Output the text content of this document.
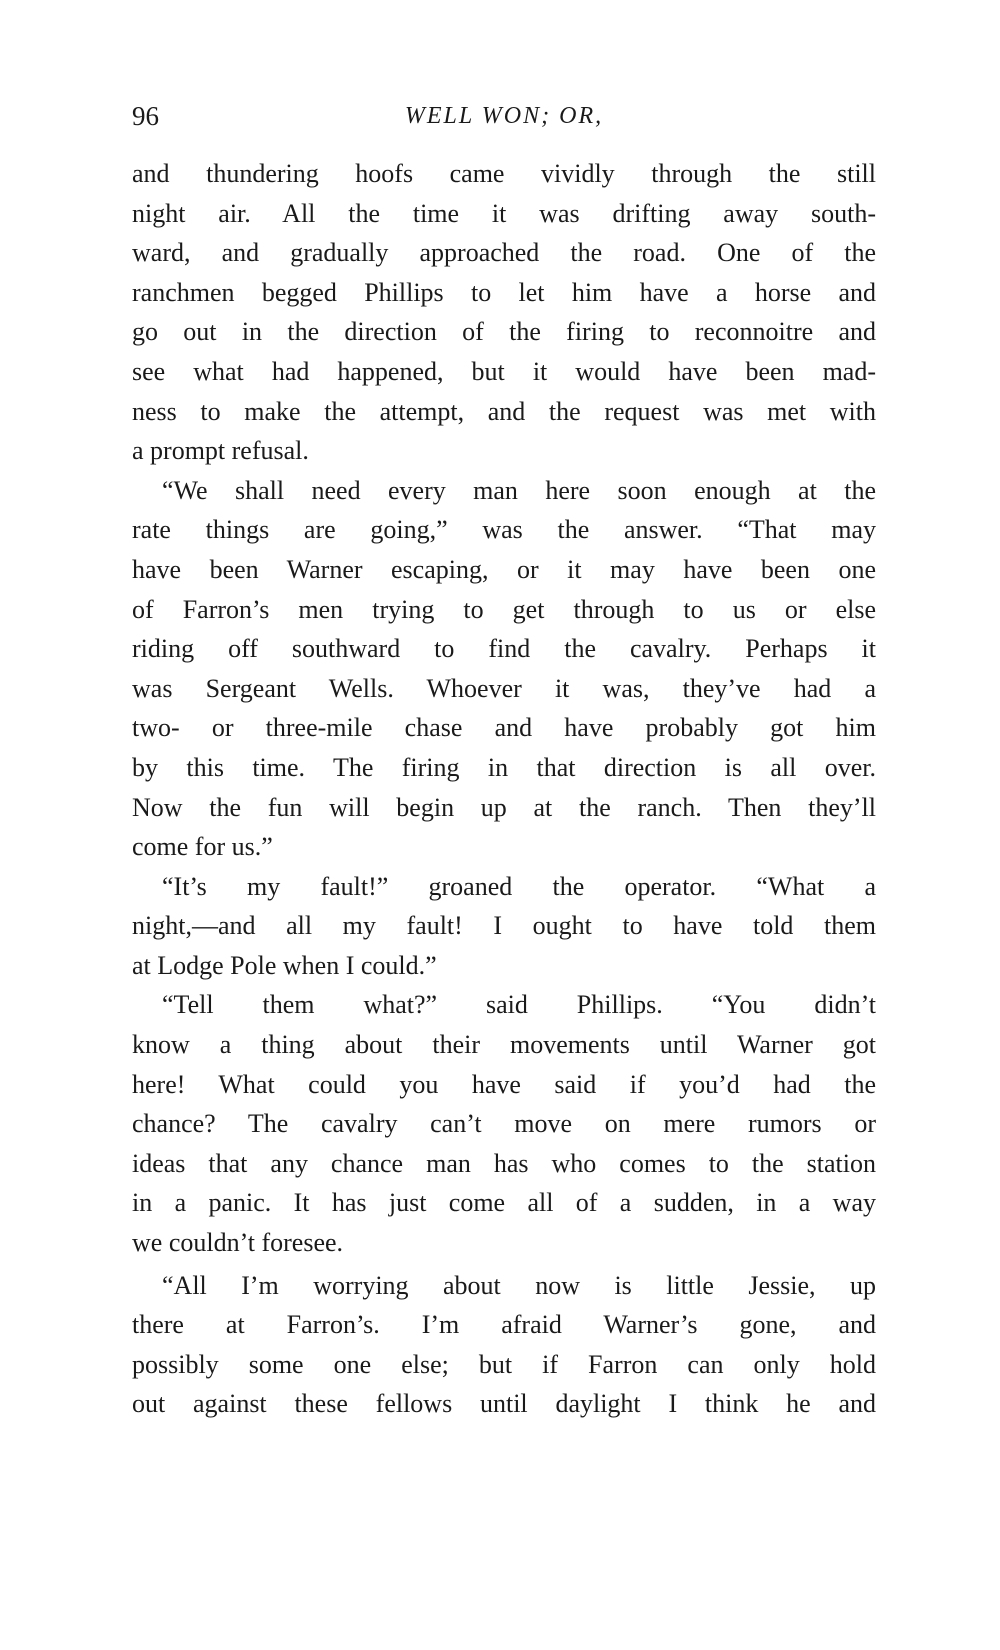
96	WELL WON; OR,
and thundering hoofs came vividly through the still
night air. All the time it was drifting away south-
ward, and gradually approached the road. One of the
ranchmen begged Phillips to let him have a horse and
go out in the direction of the firing to reconnoitre and
see what had happened, but it would have been mad-
ness to make the attempt, and the request was met with
a prompt refusal.
“We shall need every man here soon enough at the
rate things are going,” was the answer. “That may
have been Warner escaping, or it may have been one
of Farron’s men trying to get through to us or else
riding off southward to find the cavalry. Perhaps it
was Sergeant Wells. Whoever it was, they’ve had a
two- or three-mile chase and have probably got him
by this time. The firing in that direction is all over.
Now the fun will begin up at the ranch. Then they’ll
come for us.”
“It’s my fault!” groaned the operator. “What a
night,—and all my fault! I ought to have told them
at Lodge Pole when I could.”
“Tell them what?” said Phillips. “You didn’t
know a thing about their movements until Warner got
here! What could you have said if you’d had the
chance? The cavalry can’t move on mere rumors or
ideas that any chance man has who comes to the station
in a panic. It has just come all of a sudden, in a way
we couldn’t foresee.
“All I’m worrying about now is little Jessie, up
there at Farron’s. I’m afraid Warner’s gone, and
possibly some one else; but if Farron can only hold
out against these fellows until daylight I think he and
